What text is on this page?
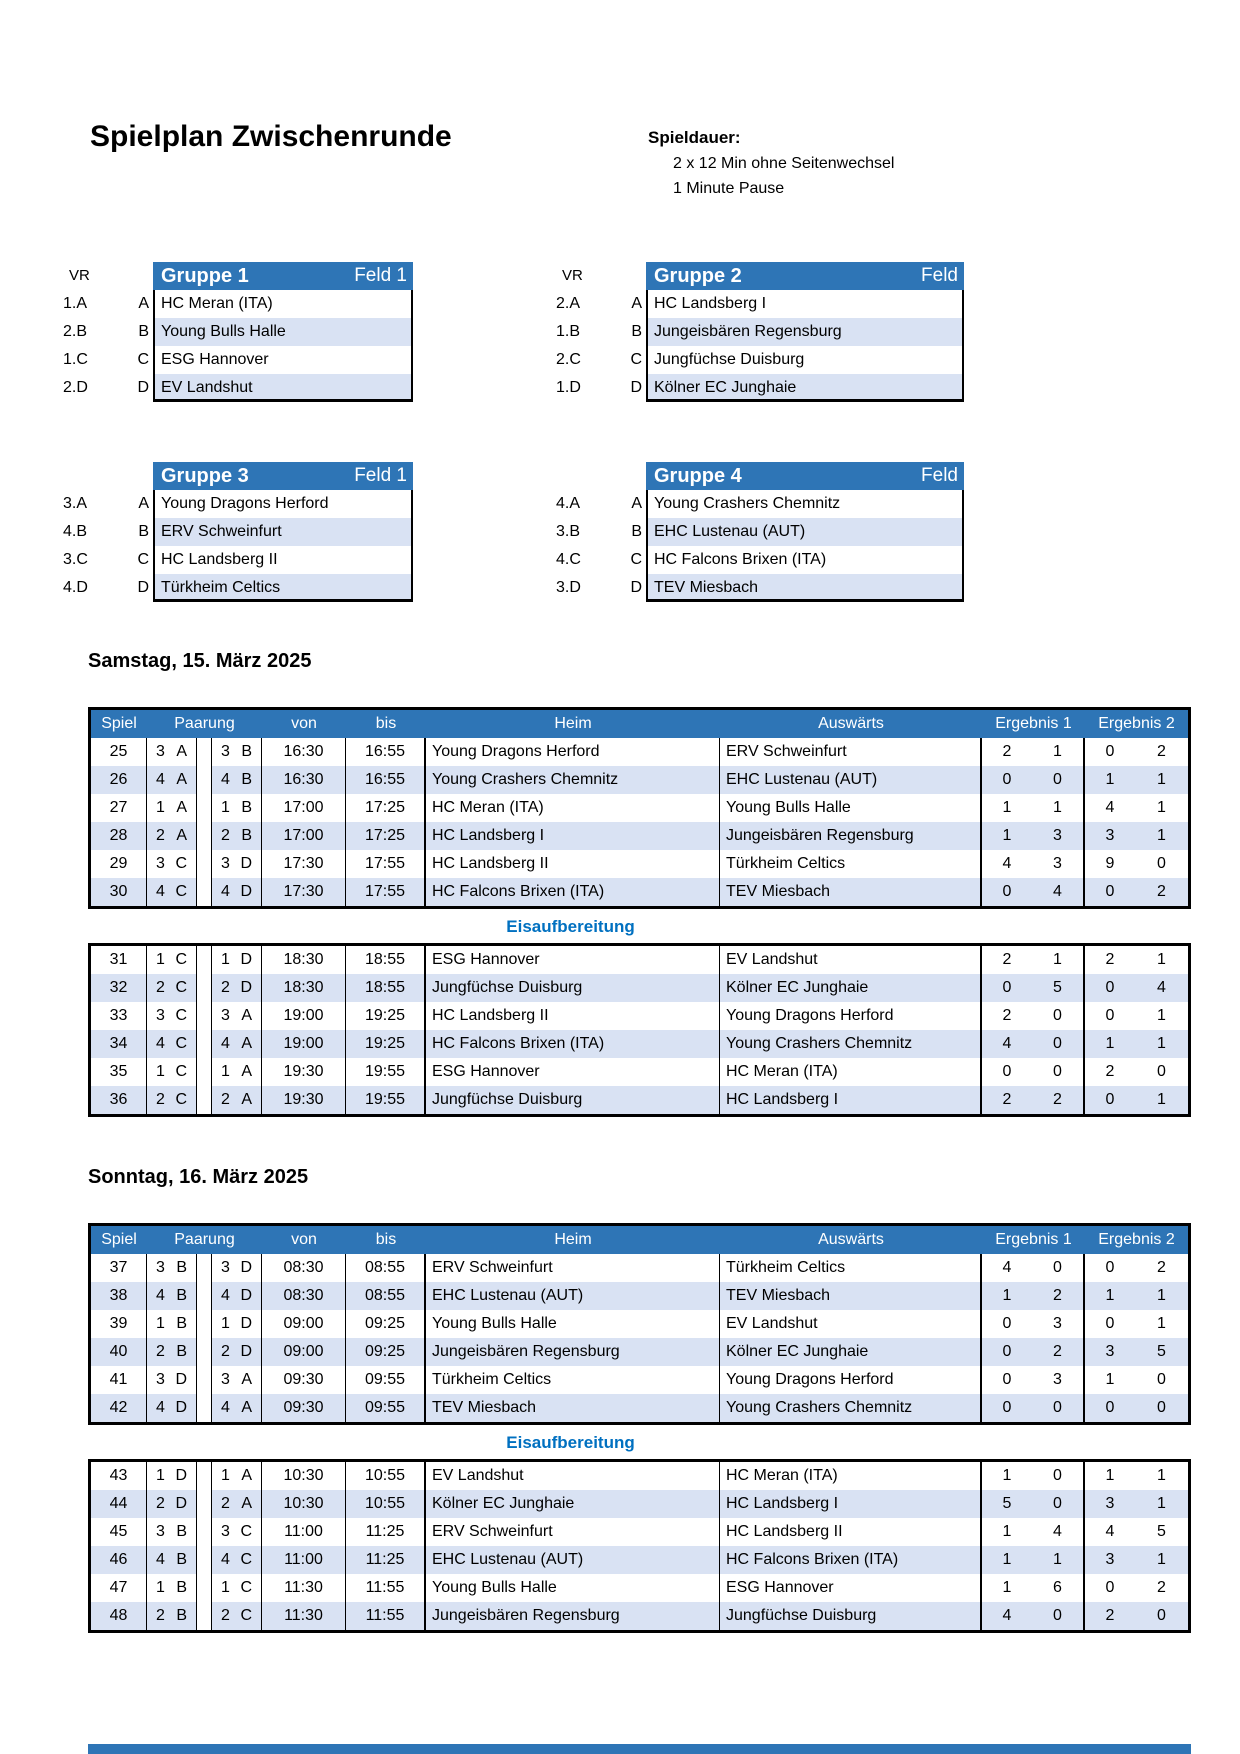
Spielplan Zwischenrunde	Spieldauer:
2 x 12 Min ohne Seitenwechsel
1 Minute Pause
VR	Gruppe 1	Feld 1
1.A	A HC Meran (ITA)
2.B	B Young Bulls Halle
1.C	C ESG Hannover
2.D	D EV Landshut
VR	Gruppe 2	Feld
2.A	A HC Landsberg I
1.B	B Jungeisbären Regensburg
2.C	C Jungfüchse Duisburg
1.D	D Kölner EC Junghaie
Gruppe 3	Feld 1
3.A	A Young Dragons Herford
4.B	B ERV Schweinfurt
3.C	C HC Landsberg II
4.D	D Türkheim Celtics
Gruppe 4	Feld
4.A	A Young Crashers Chemnitz
3.B	B EHC Lustenau (AUT)
4.C	C HC Falcons Brixen (ITA)
3.D	D TEV Miesbach
Samstag, 15. März 2025
Spiel	Paarung	von	bis	Heim	Auswärts	Ergebnis 1	Ergebnis 2
25	3 A 3 B	16:30	16:55	Young Dragons Herford	ERV Schweinfurt	2	1	0	2
26	4 A 4 B	16:30	16:55	Young Crashers Chemnitz	EHC Lustenau (AUT)	0	0	1	1
27	1 A 1 B	17:00	17:25	HC Meran (ITA)	Young Bulls Halle	1	1	4	1
28	2 A 2 B	17:00	17:25	HC Landsberg I	Jungeisbären Regensburg	1	3	3	1
29	3 C 3 D	17:30	17:55	HC Landsberg II	Türkheim Celtics	4	3	9	0
30	4 C 4 D	17:30	17:55	HC Falcons Brixen (ITA)	TEV Miesbach	0	4	0	2
Eisaufbereitung
31	1 C 1 D	18:30	18:55	ESG Hannover	EV Landshut	2	1	2	1
32	2 C 2 D	18:30	18:55	Jungfüchse Duisburg	Kölner EC Junghaie	0	5	0	4
33	3 C 3 A	19:00	19:25	HC Landsberg II	Young Dragons Herford	2	0	0	1
34	4 C 4 A	19:00	19:25	HC Falcons Brixen (ITA)	Young Crashers Chemnitz	4	0	1	1
35	1 C 1 A	19:30	19:55	ESG Hannover	HC Meran (ITA)	0	0	2	0
36	2 C 2 A	19:30	19:55	Jungfüchse Duisburg	HC Landsberg I	2	2	0	1
Sonntag, 16. März 2025
Spiel	Paarung	von	bis	Heim	Auswärts	Ergebnis 1	Ergebnis 2
37	3 B 3 D	08:30	08:55	ERV Schweinfurt	Türkheim Celtics	4	0	0	2
38	4 B 4 D	08:30	08:55	EHC Lustenau (AUT)	TEV Miesbach	1	2	1	1
39	1 B 1 D	09:00	09:25	Young Bulls Halle	EV Landshut	0	3	0	1
40	2 B 2 D	09:00	09:25	Jungeisbären Regensburg	Kölner EC Junghaie	0	2	3	5
41	3 D 3 A	09:30	09:55	Türkheim Celtics	Young Dragons Herford	0	3	1	0
42	4 D 4 A	09:30	09:55	TEV Miesbach	Young Crashers Chemnitz	0	0	0	0
Eisaufbereitung
43	1 D 1 A	10:30	10:55	EV Landshut	HC Meran (ITA)	1	0	1	1
44	2 D 2 A	10:30	10:55	Kölner EC Junghaie	HC Landsberg I	5	0	3	1
45	3 B 3 C	11:00	11:25	ERV Schweinfurt	HC Landsberg II	1	4	4	5
46	4 B 4 C	11:00	11:25	EHC Lustenau (AUT)	HC Falcons Brixen (ITA)	1	1	3	1
47	1 B 1 C	11:30	11:55	Young Bulls Halle	ESG Hannover	1	6	0	2
48	2 B 2 C	11:30	11:55	Jungeisbären Regensburg	Jungfüchse Duisburg	4	0	2	0
